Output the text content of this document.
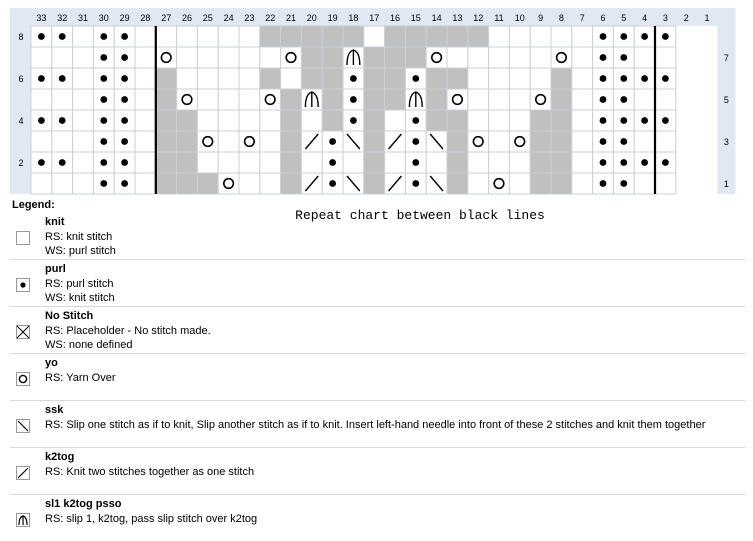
33 32 31 30 29 28 27 26 25 24 23 22 21 20 19 18 17 16 15 14 13 12 11 10 9 8 7 6 5 4 3 2 1
8
6
4
2
7
5
3
1
Repeat chart between black lines
Legend:
knit
RS: knit stitch
WS: purl stitch
purl
RS: purl stitch
WS: knit stitch
No Stitch
RS: Placeholder - No stitch made.
WS: none defined
yo
RS: Yarn Over
ssk
RS: Slip one stitch as if to knit, Slip another stitch as if to knit. Insert left-hand needle into front of these 2 stitches and knit them together
k2tog
RS: Knit two stitches together as one stitch
sl1 k2tog psso
RS: slip 1, k2tog, pass slip stitch over k2tog
